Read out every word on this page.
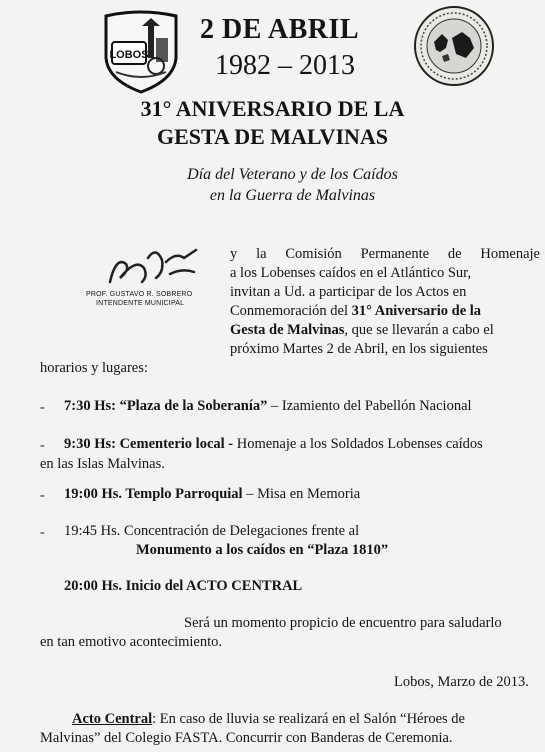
LOBOS
2 DE ABRIL
1982 – 2013
31° ANIVERSARIO DE LA
GESTA DE MALVINAS
Día del Veterano y de los Caídos
en la Guerra de Malvinas
PROF. GUSTAVO R. SOBRERO
INTENDENTE MUNICIPAL
y la Comisión Permanente de Homenaje
a los Lobenses caídos en el Atlántico Sur,
invitan a Ud. a participar de los Actos en
Conmemoración del 31° Aniversario de la
Gesta de Malvinas, que se llevarán a cabo el
próximo Martes 2 de Abril, en los siguientes
horarios y lugares:
- 7:30 Hs: “Plaza de la Soberanía” – Izamiento del Pabellón Nacional
- 9:30 Hs: Cementerio local - Homenaje a los Soldados Lobenses caídos
en las Islas Malvinas.
- 19:00 Hs. Templo Parroquial – Misa en Memoria
- 19:45 Hs. Concentración de Delegaciones frente al
Monumento a los caídos en “Plaza 1810”
20:00 Hs. Inicio del ACTO CENTRAL
Será un momento propicio de encuentro para saludarlo
en tan emotivo acontecimiento.
Lobos, Marzo de 2013.
Acto Central: En caso de lluvia se realizará en el Salón “Héroes de
Malvinas” del Colegio FASTA. Concurrir con Banderas de Ceremonia.
